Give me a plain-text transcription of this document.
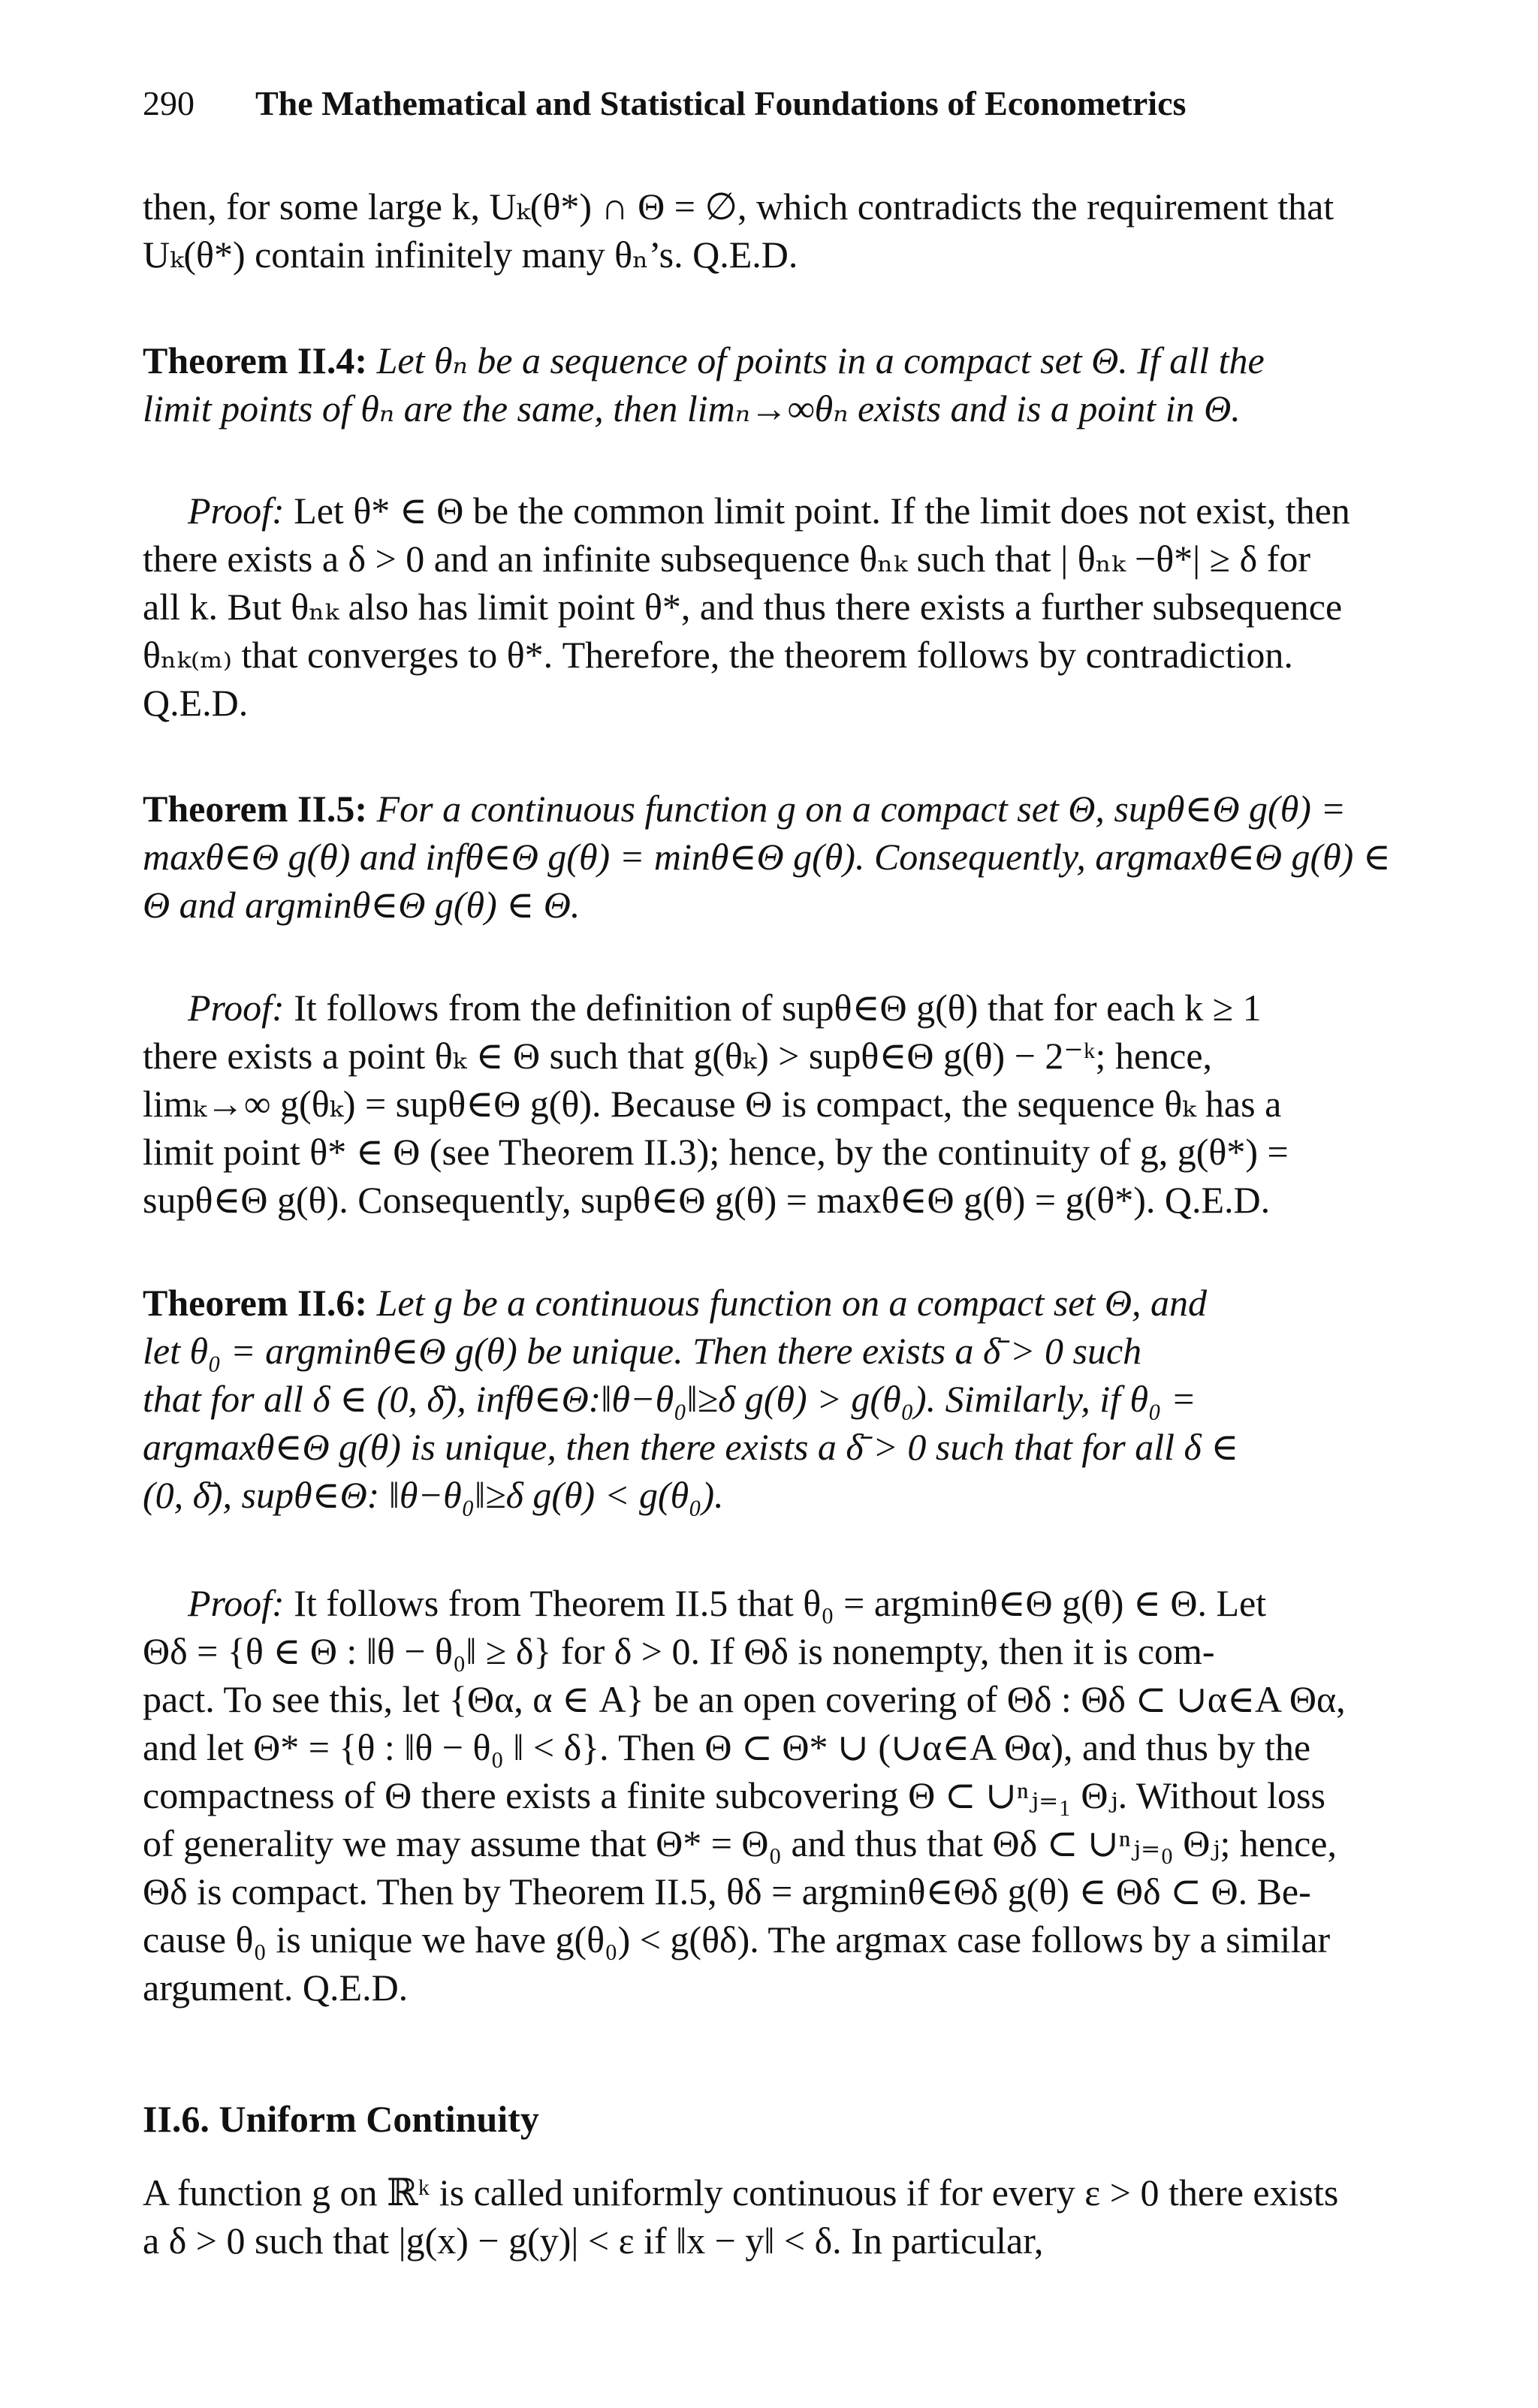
290 The Mathematical and Statistical Foundations of Econometrics
then, for some large k, Uₖ(θ*) ∩ Θ = ∅, which contradicts the requirement that
Uₖ(θ*) contain infinitely many θₙ’s. Q.E.D.
Theorem II.4: Let θₙ be a sequence of points in a compact set Θ. If all the
limit points of θₙ are the same, then limₙ→∞θₙ exists and is a point in Θ.
Proof: Let θ* ∈ Θ be the common limit point. If the limit does not exist, then
there exists a δ > 0 and an infinite subsequence θₙₖ such that | θₙₖ −θ*| ≥ δ for
all k. But θₙₖ also has limit point θ*, and thus there exists a further subsequence
θₙₖ₍ₘ₎ that converges to θ*. Therefore, the theorem follows by contradiction.
Q.E.D.
Theorem II.5: For a continuous function g on a compact set Θ, supθ∈Θ g(θ) =
maxθ∈Θ g(θ) and infθ∈Θ g(θ) = minθ∈Θ g(θ). Consequently, argmaxθ∈Θ g(θ) ∈
Θ and argminθ∈Θ g(θ) ∈ Θ.
Proof: It follows from the definition of supθ∈Θ g(θ) that for each k ≥ 1
there exists a point θₖ ∈ Θ such that g(θₖ) > supθ∈Θ g(θ) − 2⁻ᵏ; hence,
limₖ→∞ g(θₖ) = supθ∈Θ g(θ). Because Θ is compact, the sequence θₖ has a
limit point θ* ∈ Θ (see Theorem II.3); hence, by the continuity of g, g(θ*) =
supθ∈Θ g(θ). Consequently, supθ∈Θ g(θ) = maxθ∈Θ g(θ) = g(θ*). Q.E.D.
Theorem II.6: Let g be a continuous function on a compact set Θ, and
let θ₀ = argminθ∈Θ g(θ) be unique. Then there exists a δ̄ > 0 such
that for all δ ∈ (0, δ̄), infθ∈Θ:‖θ−θ₀‖≥δ g(θ) > g(θ₀). Similarly, if θ₀ =
argmaxθ∈Θ g(θ) is unique, then there exists a δ̄ > 0 such that for all δ ∈
(0, δ̄), supθ∈Θ: ‖θ−θ₀‖≥δ g(θ) < g(θ₀).
Proof: It follows from Theorem II.5 that θ₀ = argminθ∈Θ g(θ) ∈ Θ. Let
Θδ = {θ ∈ Θ : ‖θ − θ₀‖ ≥ δ} for δ > 0. If Θδ is nonempty, then it is com-
pact. To see this, let {Θα, α ∈ A} be an open covering of Θδ : Θδ ⊂ ∪α∈A Θα,
and let Θ* = {θ : ‖θ − θ₀ ‖ < δ}. Then Θ ⊂ Θ* ∪ (∪α∈A Θα), and thus by the
compactness of Θ there exists a finite subcovering Θ ⊂ ∪ⁿⱼ₌₁ Θⱼ. Without loss
of generality we may assume that Θ* = Θ₀ and thus that Θδ ⊂ ∪ⁿⱼ₌₀ Θⱼ; hence,
Θδ is compact. Then by Theorem II.5, θδ = argminθ∈Θδ g(θ) ∈ Θδ ⊂ Θ. Be-
cause θ₀ is unique we have g(θ₀) < g(θδ). The argmax case follows by a similar
argument. Q.E.D.
II.6. Uniform Continuity
A function g on ℝᵏ is called uniformly continuous if for every ε > 0 there exists
a δ > 0 such that |g(x) − g(y)| < ε if ‖x − y‖ < δ. In particular,
